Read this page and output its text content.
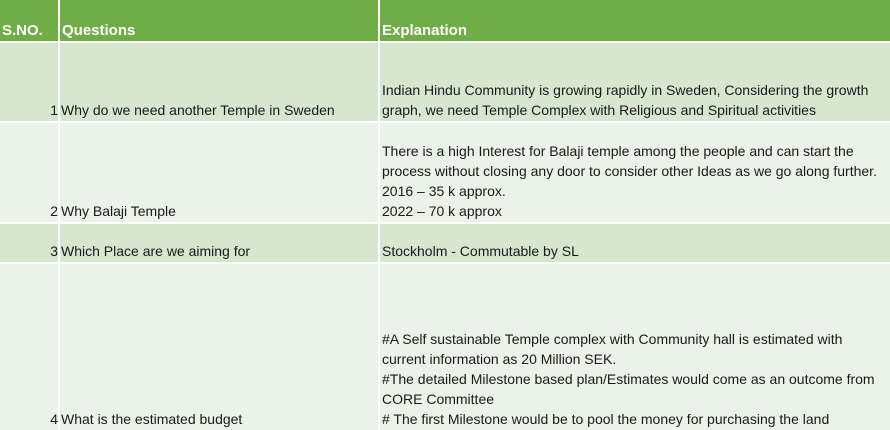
S.NO.	Questions	Explanation
1	Why do we need another Temple in Sweden	Indian Hindu Community is growing rapidly in Sweden, Considering the growth graph, we need Temple Complex with Religious and Spiritual activities

2	Why Balaji Temple	There is a high Interest for Balaji temple among the people and can start the process without closing any door to consider other Ideas as we go along further.
2016 – 35 k approx.
2022 – 70 k approx

3	Which Place are we aiming for	Stockholm - Commutable by SL

4	What is the estimated budget	#A Self sustainable Temple complex with Community hall is estimated with current information as 20 Million SEK.
#The detailed Milestone based plan/Estimates would come as an outcome from CORE Committee
# The first Milestone would be to pool the money for purchasing the land
